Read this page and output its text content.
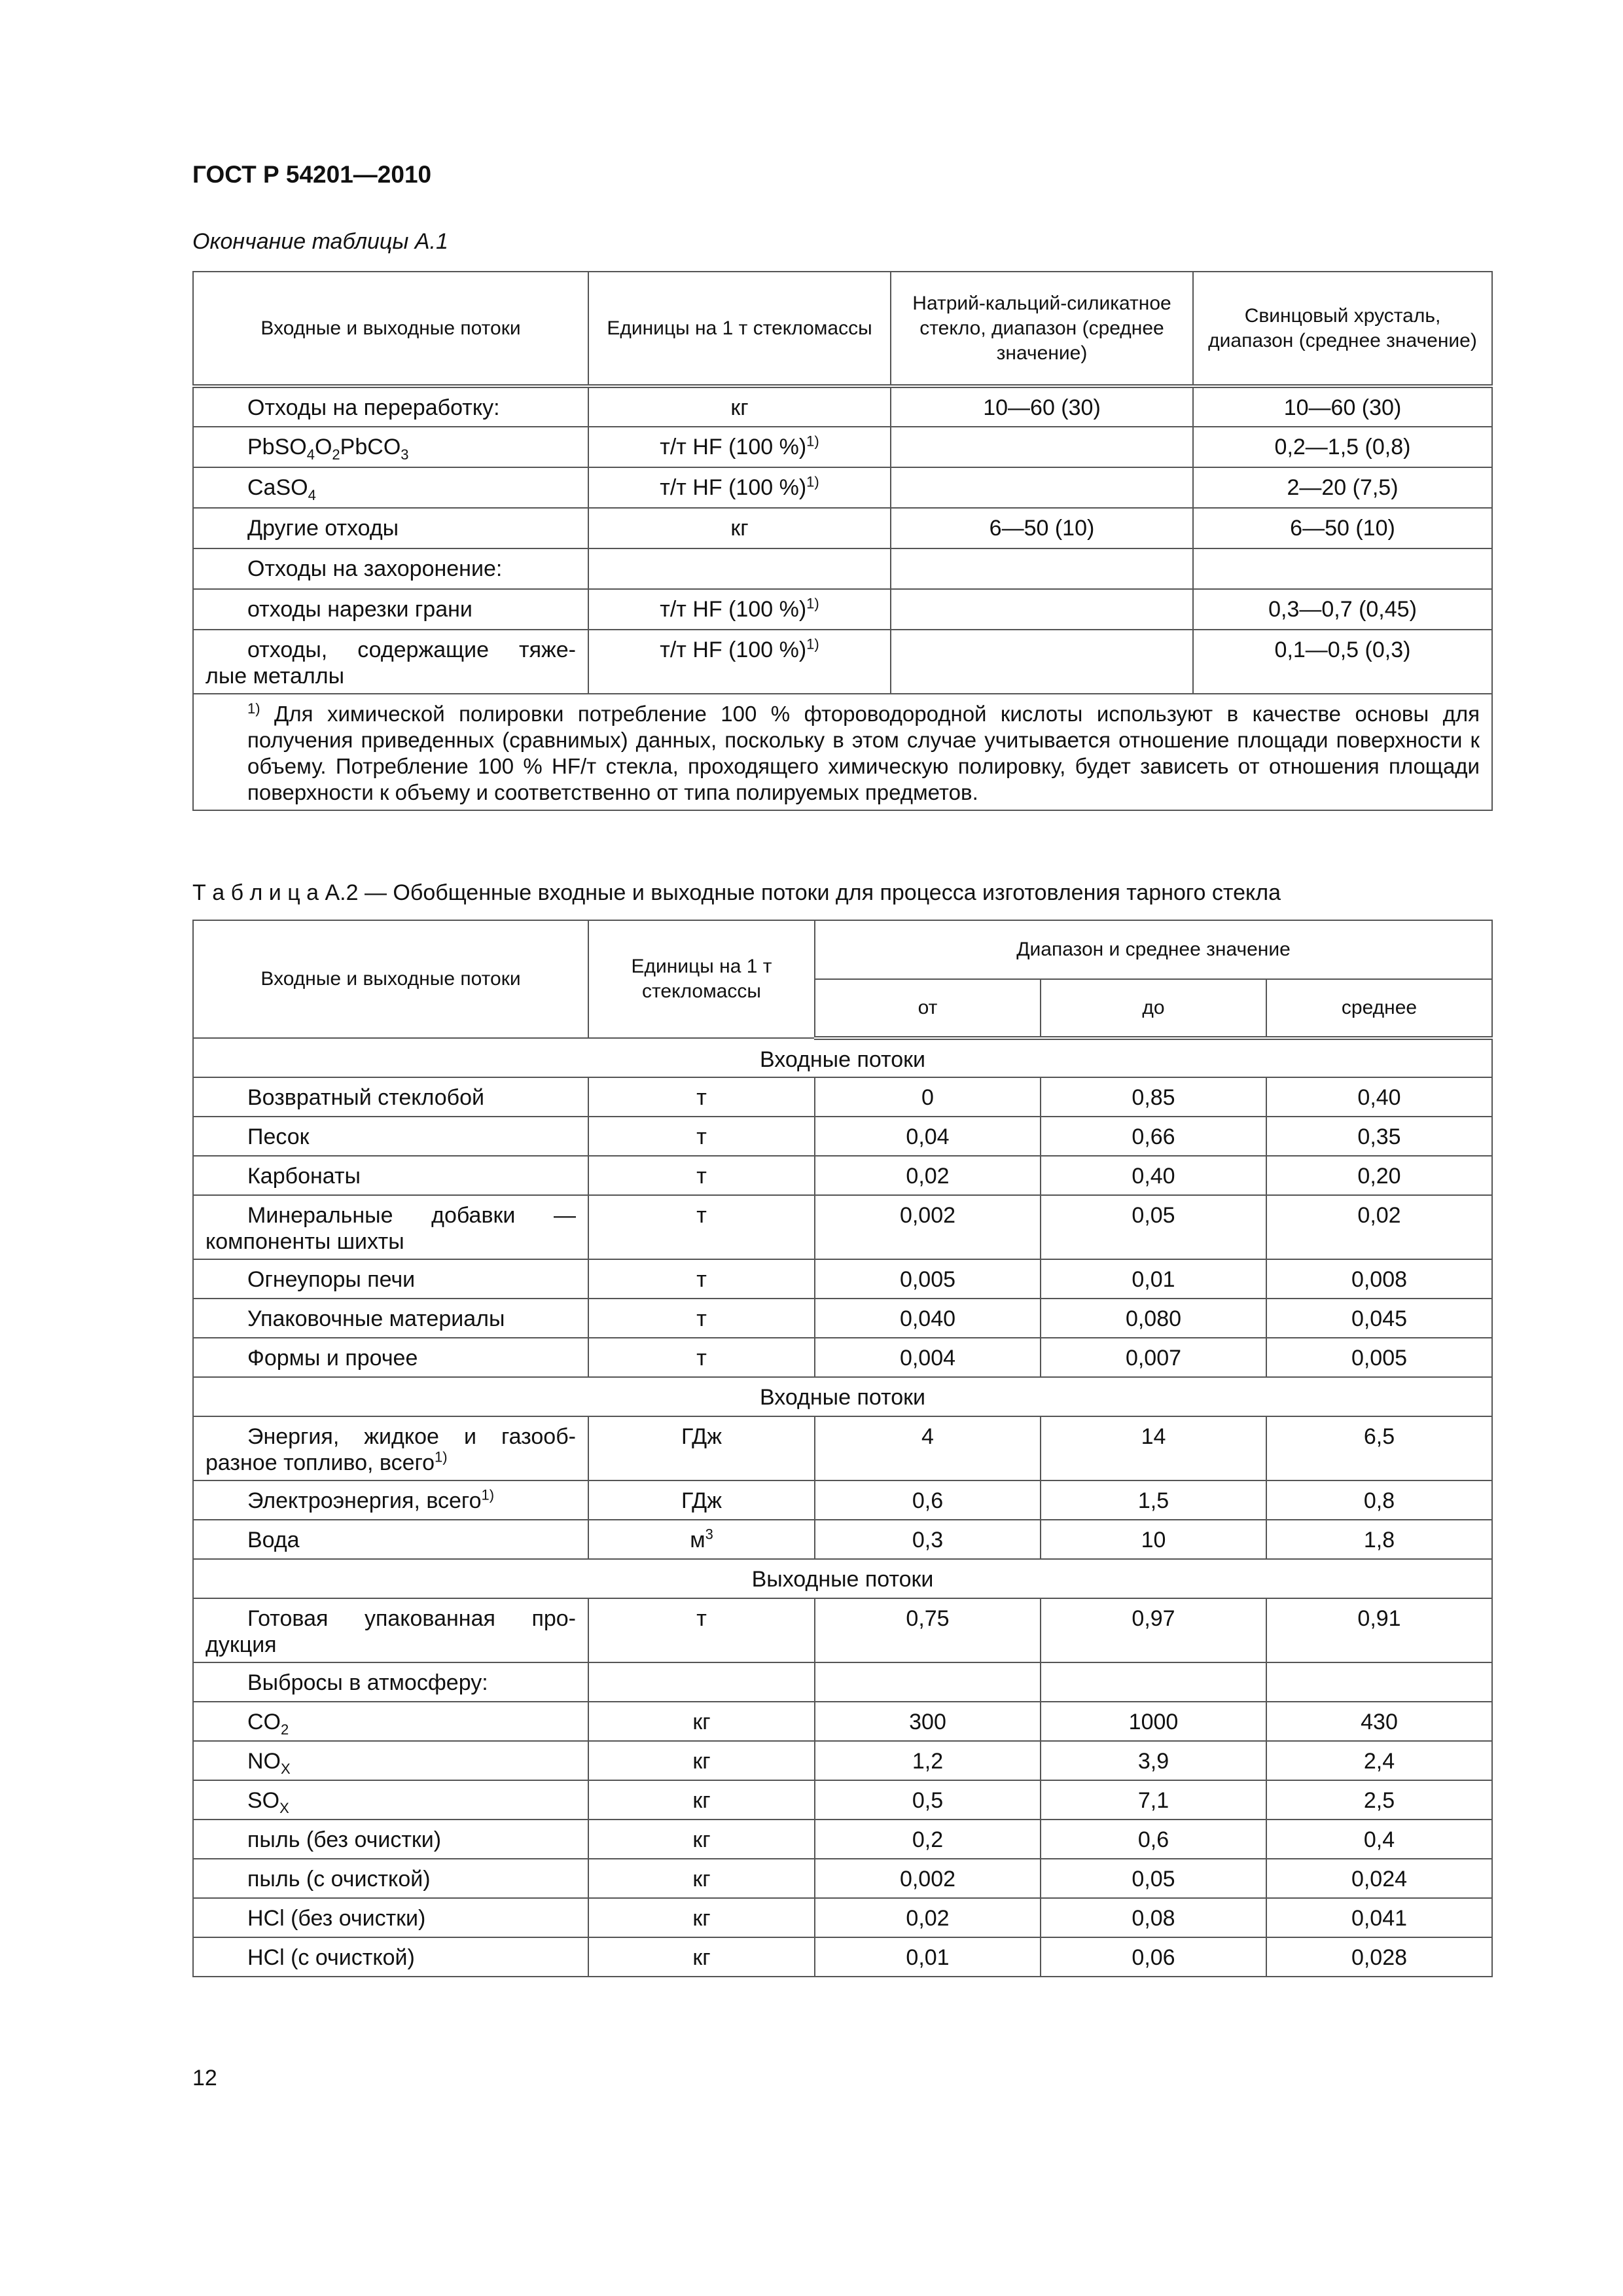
ГОСТ Р 54201—2010
Окончание таблицы А.1
Входные и выходные потоки	Единицы на 1 т стекломассы	Натрий-кальций-силикатное стекло, диапазон (среднее значение)	Свинцовый хрусталь, диапазон (среднее значение)
Отходы на переработку:	кг	10—60 (30)	10—60 (30)
$PbSO_4O_2PbCO_3$	т/т HF (100 %)$^{1)}$		0,2—1,5 (0,8)
CaSO$_4$	т/т HF (100 %)$^{1)}$		2—20 (7,5)
Другие отходы	кг	6—50 (10)	6—50 (10)
Отходы на захоронение:			
отходы нарезки грани	т/т HF (100 %)$^{1)}$		0,3—0,7 (0,45)

отходы, содержащие тяже-
лые металлы	т/т HF (100 %)$^{1)}$		0,1—0,5 (0,3)
$^{1)}$ Для химической полировки потребление 100 % фтороводородной кислоты используют в качестве основы для получения приведенных (сравнимых) данных, поскольку в этом случае учитывается отношение площади поверхности к объему. Потребление 100 % HF/т стекла, проходящего химическую полировку, будет зависеть от отношения площади поверхности к объему и соответственно от типа полируемых предметов.			
Т а б л и ц а А.2 — Обобщенные входные и выходные потоки для процесса изготовления тарного стекла
Входные и выходные потоки	Единицы на 1 т стекломассы	Диапазон и среднее значение		
		от	до	среднее
Входные потоки				
Возвратный стеклобой	т	0	0,85	0,40
Песок	т	0,04	0,66	0,35
Карбонаты	т	0,02	0,40	0,20

Минеральные добавки —
компоненты шихты	т	0,002	0,05	0,02
Огнеупоры печи	т	0,005	0,01	0,008
Упаковочные материалы	т	0,040	0,080	0,045
Формы и прочее	т	0,004	0,007	0,005
Входные потоки				

Энергия, жидкое и газооб-
разное топливо, всего$^{1)}$	ГДж	4	14	6,5
Электроэнергия, всего$^{1)}$	ГДж	0,6	1,5	0,8
Вода	$м^3$	0,3	10	1,8
Выходные потоки				

Готовая упакованная про-
дукция	т	0,75	0,97	0,91
Выбросы в атмосферу:				
$CO_2$	кг	300	1000	430
$NO_X$	кг	1,2	3,9	2,4
$SO_X$	кг	0,5	7,1	2,5
пыль (без очистки)	кг	0,2	0,6	0,4
пыль (с очисткой)	кг	0,002	0,05	0,024
HCl (без очистки)	кг	0,02	0,08	0,041
HCl (с очисткой)	кг	0,01	0,06	0,028
12
